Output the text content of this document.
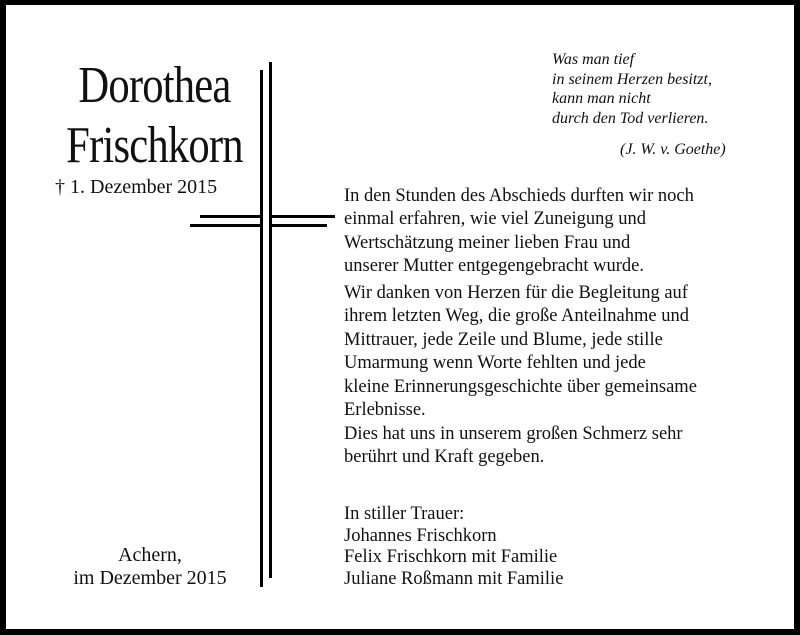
Dorothea
Frischkorn
† 1. Dezember 2015
Was man tief
in seinem Herzen besitzt,
kann man nicht
durch den Tod verlieren.
(J. W. v. Goethe)
In den Stunden des Abschieds durften wir noch
einmal erfahren, wie viel Zuneigung und
Wertschätzung meiner lieben Frau und
unserer Mutter entgegengebracht wurde.
Wir danken von Herzen für die Begleitung auf
ihrem letzten Weg, die große Anteilnahme und
Mittrauer, jede Zeile und Blume, jede stille
Umarmung wenn Worte fehlten und jede
kleine Erinnerungsgeschichte über gemeinsame
Erlebnisse.
Dies hat uns in unserem großen Schmerz sehr
berührt und Kraft gegeben.
In stiller Trauer:
Johannes Frischkorn
Felix Frischkorn mit Familie
Juliane Roßmann mit Familie
Achern,
im Dezember 2015
